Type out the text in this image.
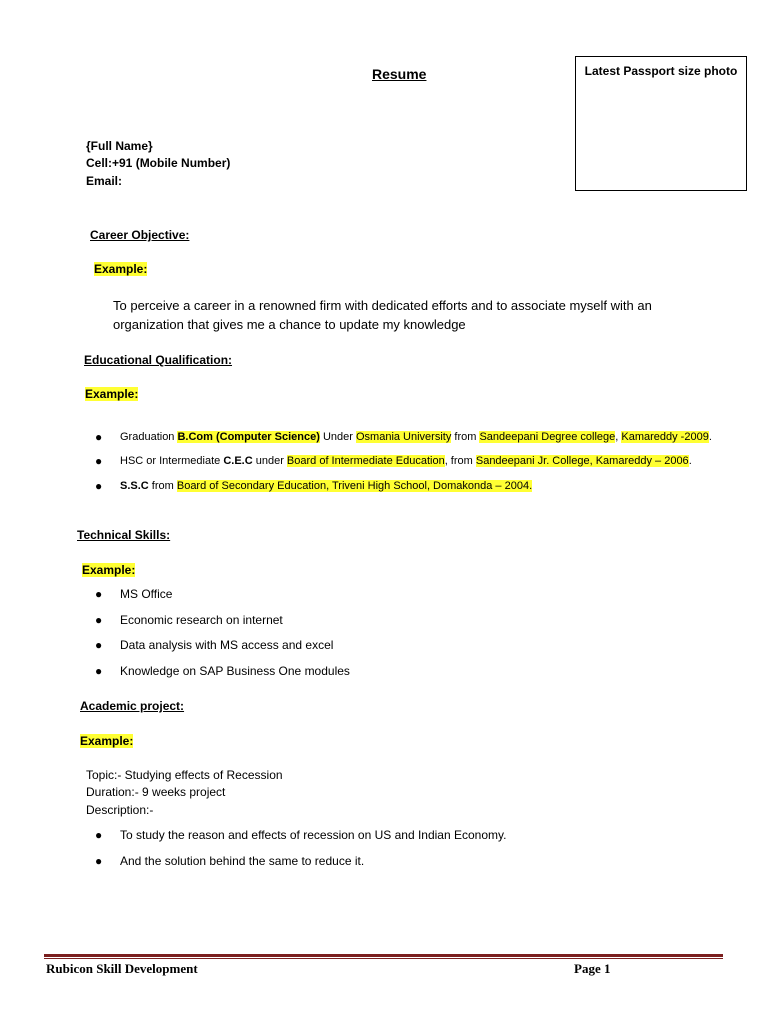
Resume	Latest Passport size photo
{Full Name}
Cell:+91 (Mobile Number)
Email:
Career Objective:
Example:
To perceive a career in a renowned firm with dedicated efforts and to associate myself with an
organization that gives me a chance to update my knowledge
Educational Qualification:
Example:
● Graduation B.Com (Computer Science) Under Osmania University from Sandeepani Degree college, Kamareddy -2009.
● HSC or Intermediate C.E.C under Board of Intermediate Education, from Sandeepani Jr. College, Kamareddy – 2006.
● S.S.C from Board of Secondary Education, Triveni High School, Domakonda – 2004.
Technical Skills:
Example:
● MS Office
● Economic research on internet
● Data analysis with MS access and excel
● Knowledge on SAP Business One modules
Academic project:
Example:
Topic:- Studying effects of Recession
Duration:- 9 weeks project
Description:-
● To study the reason and effects of recession on US and Indian Economy.
● And the solution behind the same to reduce it.
Rubicon Skill Development	Page 1
